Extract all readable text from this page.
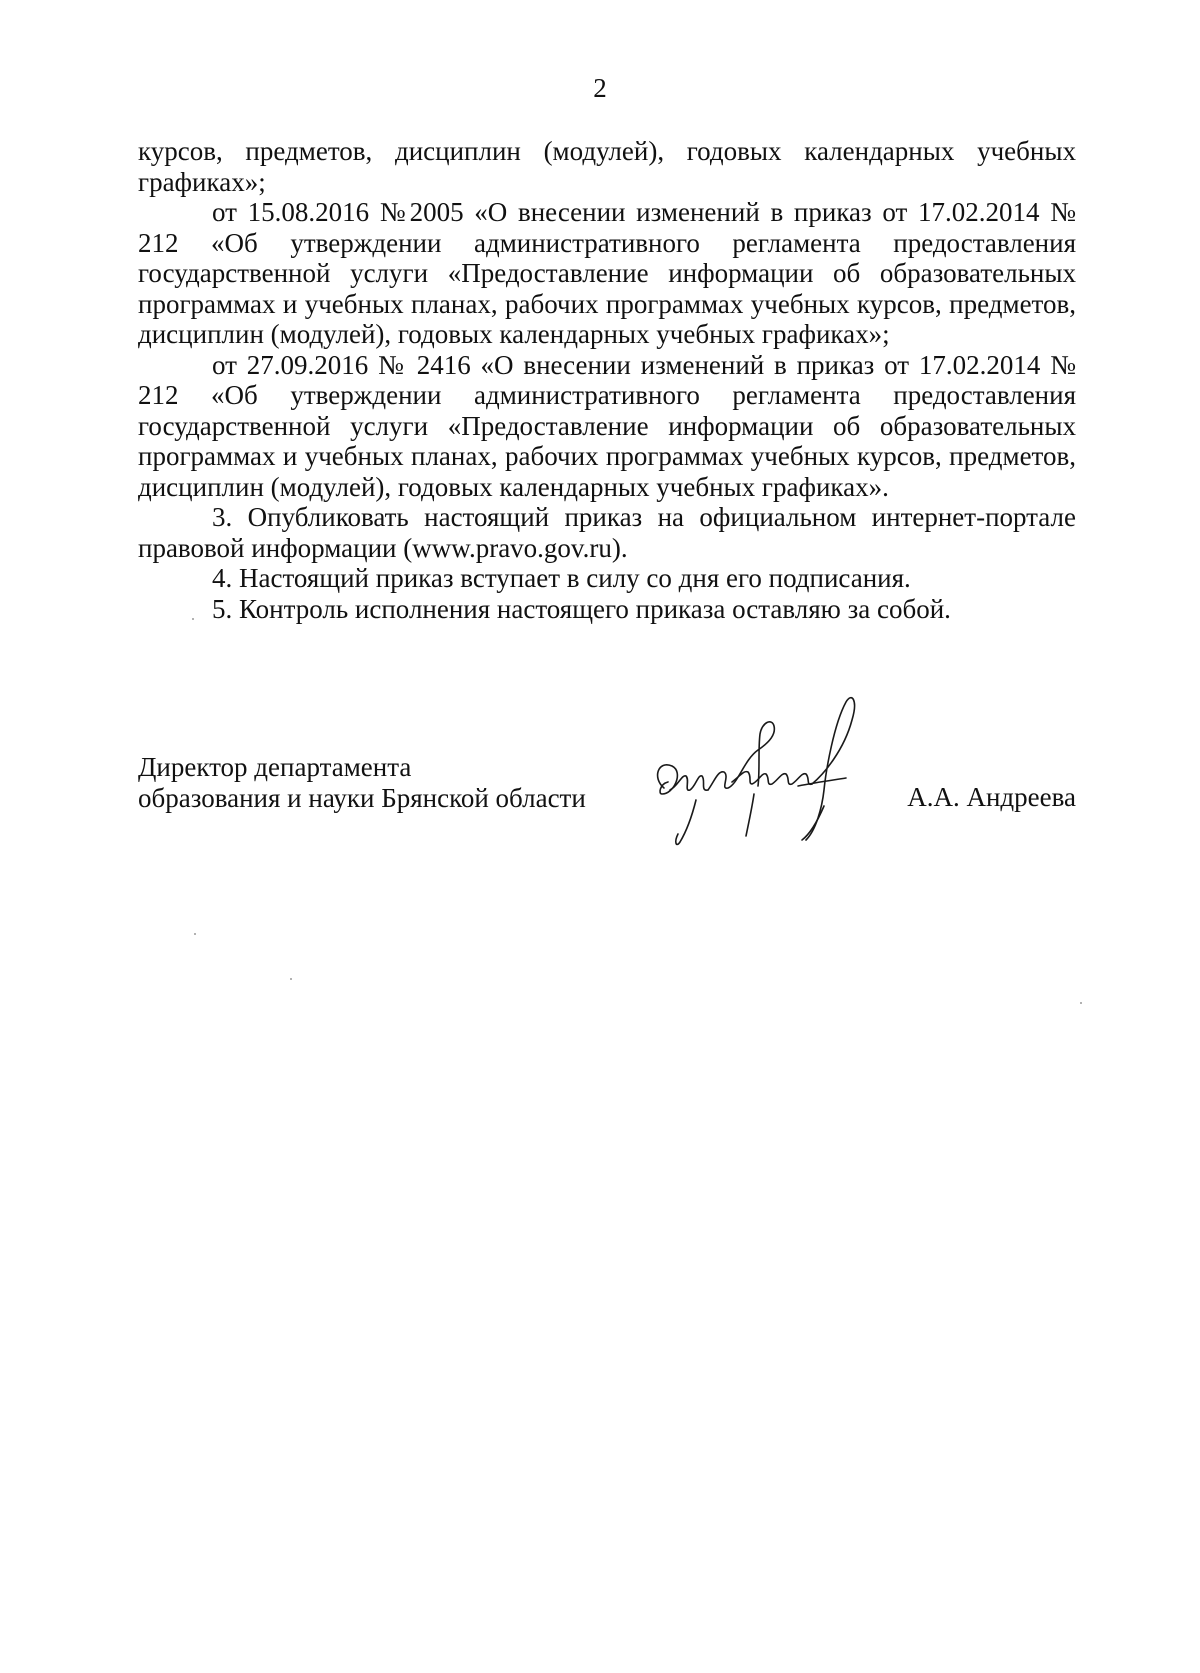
2

курсов, предметов, дисциплин (модулей), годовых календарных учебных графиках»;

от 15.08.2016 №2005 «О внесении изменений в приказ от 17.02.2014 № 212 «Об утверждении административного регламента предоставления государственной услуги «Предоставление информации об образовательных программах и учебных планах, рабочих программах учебных курсов, предметов, дисциплин (модулей), годовых календарных учебных графиках»;

от 27.09.2016 № 2416 «О внесении изменений в приказ от 17.02.2014 № 212 «Об утверждении административного регламента предоставления государственной услуги «Предоставление информации об образовательных программах и учебных планах, рабочих программах учебных курсов, предметов, дисциплин (модулей), годовых календарных учебных графиках».

3. Опубликовать настоящий приказ на официальном интернет-портале правовой информации (www.pravo.gov.ru).

4. Настоящий приказ вступает в силу со дня его подписания.

5. Контроль исполнения настоящего приказа оставляю за собой.

Директор департамента
образования и науки Брянской области	А.А. Андреева
